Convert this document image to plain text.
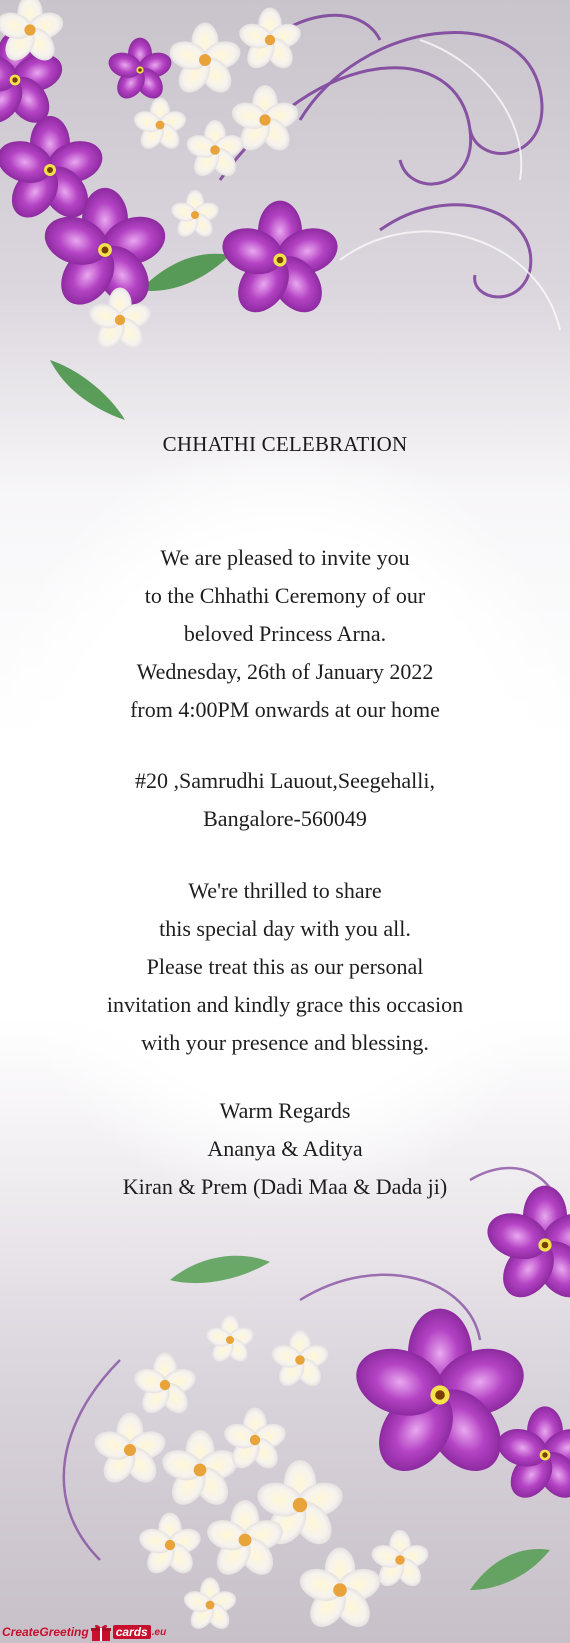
CHHATHI CELEBRATION
We are pleased to invite you
to the Chhathi Ceremony of our
beloved Princess Arna.
Wednesday, 26th of January 2022
from 4:00PM onwards at our home
#20 ,Samrudhi Lauout,Seegehalli,
Bangalore-560049
We're thrilled to share
this special day with you all.
Please treat this as our personal
invitation and kindly grace this occasion
with your presence and blessing.
Warm Regards
Ananya & Aditya
Kiran & Prem (Dadi Maa & Dada ji)
CreateGreeting cards .eu
